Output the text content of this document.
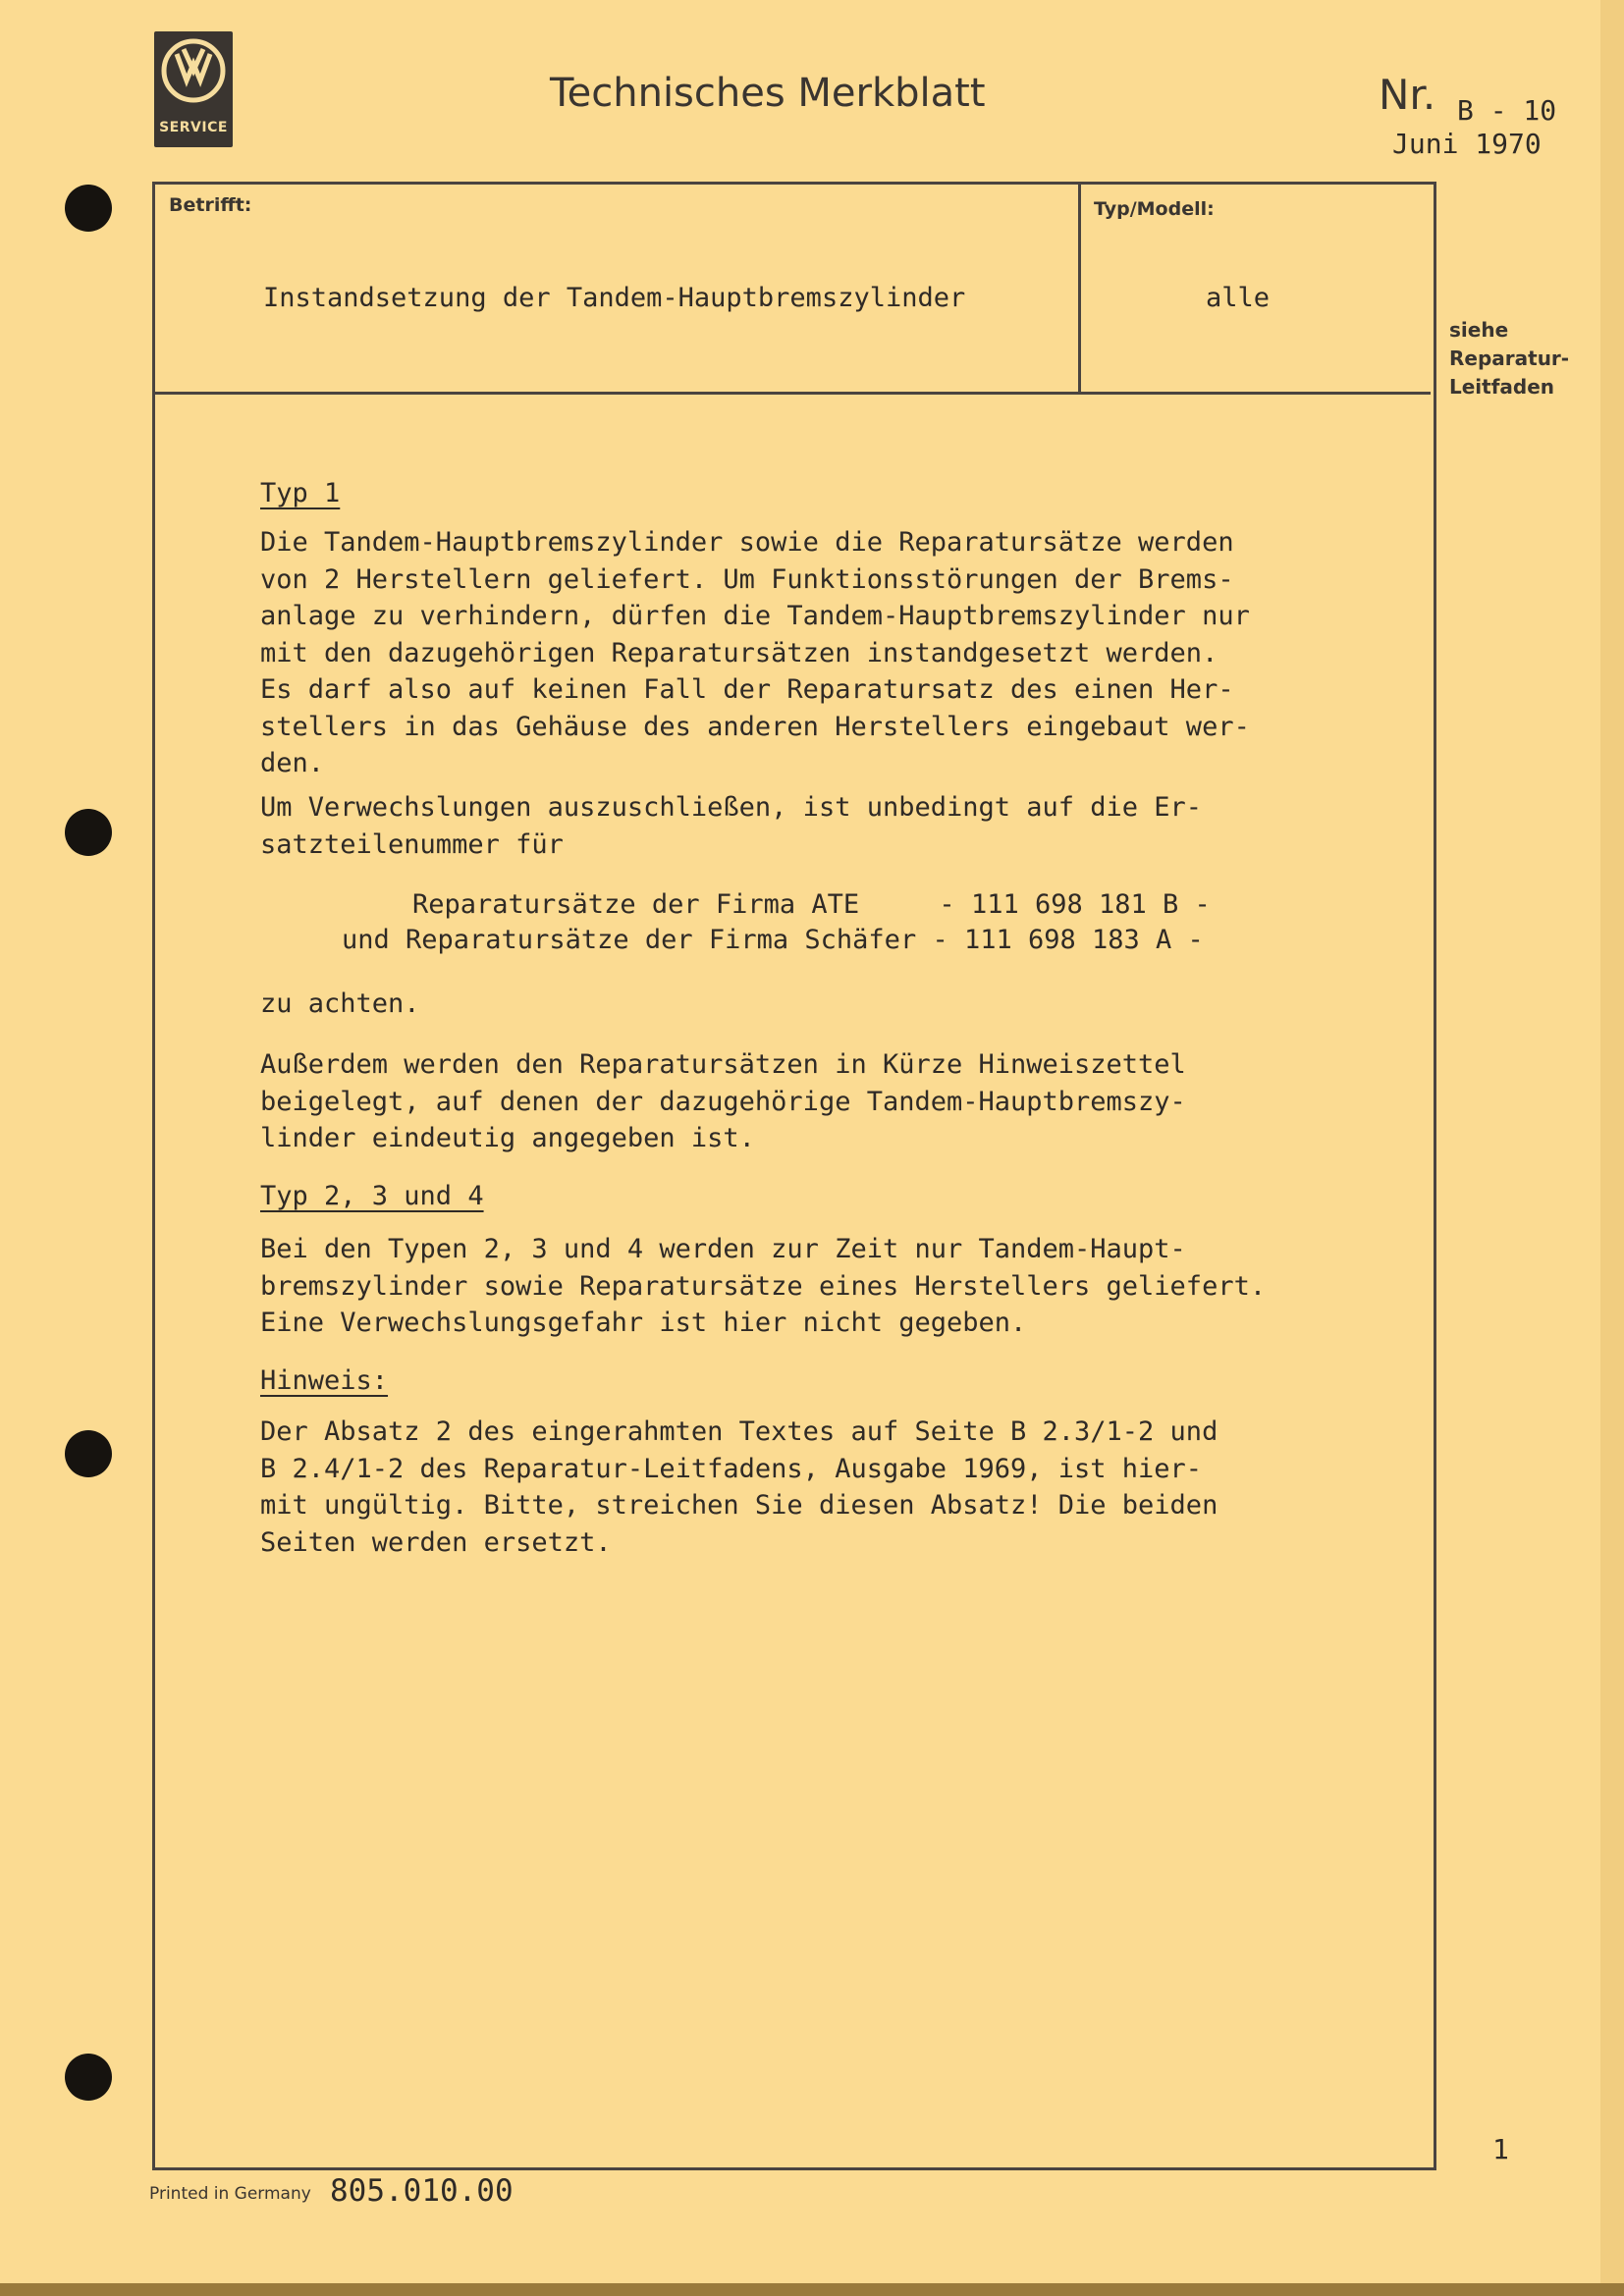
SERVICE
Technisches Merkblatt	Nr. B - 10
Juni 1970
Betrifft:	Typ/Modell:
Instandsetzung der Tandem-Hauptbremszylinder	alle
siehe
Reparatur-
Leitfaden
Typ 1

Die Tandem-Hauptbremszylinder sowie die Reparatursätze werden

von 2 Herstellern geliefert. Um Funktionsstörungen der Brems-

anlage zu verhindern, dürfen die Tandem-Hauptbremszylinder nur

mit den dazugehörigen Reparatursätzen instandgesetzt werden.

Es darf also auf keinen Fall der Reparatursatz des einen Her-

stellers in das Gehäuse des anderen Herstellers eingebaut wer-

den.

Um Verwechslungen auszuschließen, ist unbedingt auf die Er-

satzteilenummer für

Reparatursätze der Firma ATE     - 111 698 181 B -
und Reparatursätze der Firma Schäfer - 111 698 183 A -

zu achten.

Außerdem werden den Reparatursätzen in Kürze Hinweiszettel

beigelegt, auf denen der dazugehörige Tandem-Hauptbremszy-

linder eindeutig angegeben ist.

Typ 2, 3 und 4

Bei den Typen 2, 3 und 4 werden zur Zeit nur Tandem-Haupt-

bremszylinder sowie Reparatursätze eines Herstellers geliefert.

Eine Verwechslungsgefahr ist hier nicht gegeben.

Hinweis:

Der Absatz 2 des eingerahmten Textes auf Seite B 2.3/1-2 und

B 2.4/1-2 des Reparatur-Leitfadens, Ausgabe 1969, ist hier-

mit ungültig. Bitte, streichen Sie diesen Absatz! Die beiden

Seiten werden ersetzt.

1
Printed in Germany 805.010.00
